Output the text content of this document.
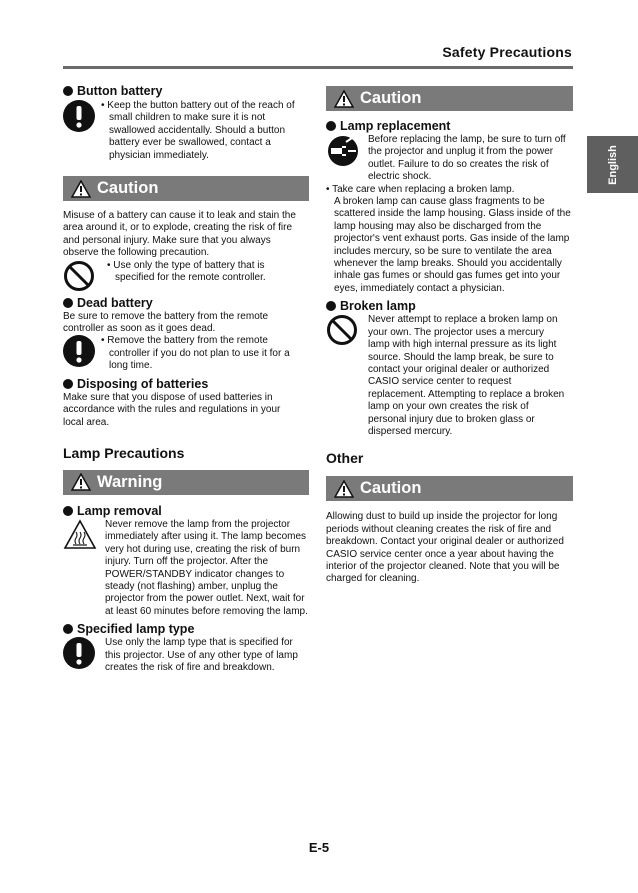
Safety Precautions
English

Button battery

• Keep the button battery out of the reach of small children to make sure it is not swallowed accidentally. Should a button battery ever be swallowed, contact a physician immediately.
Caution

Misuse of a battery can cause it to leak and stain the area around it, or to explode, creating the risk of fire and personal injury. Make sure that you always observe the following precaution.

• Use only the type of battery that is specified for the remote controller.

Dead battery

Be sure to remove the battery from the remote controller as soon as it goes dead.

• Remove the battery from the remote controller if you do not plan to use it for a long time.

Disposing of batteries

Make sure that you dispose of used batteries in accordance with the rules and regulations in your local area.

Lamp Precautions

Warning

Lamp removal

Never remove the lamp from the projector immediately after using it. The lamp becomes very hot during use, creating the risk of burn injury. Turn off the projector. After the POWER/STANDBY indicator changes to steady (not flashing) amber, unplug the projector from the power outlet. Next, wait for at least 60 minutes before removing the lamp.

Specified lamp type

Use only the lamp type that is specified for this projector. Use of any other type of lamp creates the risk of fire and breakdown.
Caution

Lamp replacement

Before replacing the lamp, be sure to turn off the projector and unplug it from the power outlet. Failure to do so creates the risk of electric shock.
• Take care when replacing a broken lamp.
A broken lamp can cause glass fragments to be scattered inside the lamp housing. Glass inside of the lamp housing may also be discharged from the projector's vent exhaust ports. Gas inside of the lamp includes mercury, so be sure to ventilate the area whenever the lamp breaks. Should you accidentally inhale gas fumes or should gas fumes get into your eyes, immediately contact a physician.

Broken lamp

Never attempt to replace a broken lamp on your own. The projector uses a mercury lamp with high internal pressure as its light source. Should the lamp break, be sure to contact your original dealer or authorized CASIO service center to request replacement. Attempting to replace a broken lamp on your own creates the risk of personal injury due to broken glass or dispersed mercury.

Other

Caution

Allowing dust to build up inside the projector for long periods without cleaning creates the risk of fire and breakdown. Contact your original dealer or authorized CASIO service center once a year about having the interior of the projector cleaned. Note that you will be charged for cleaning.

E-5
